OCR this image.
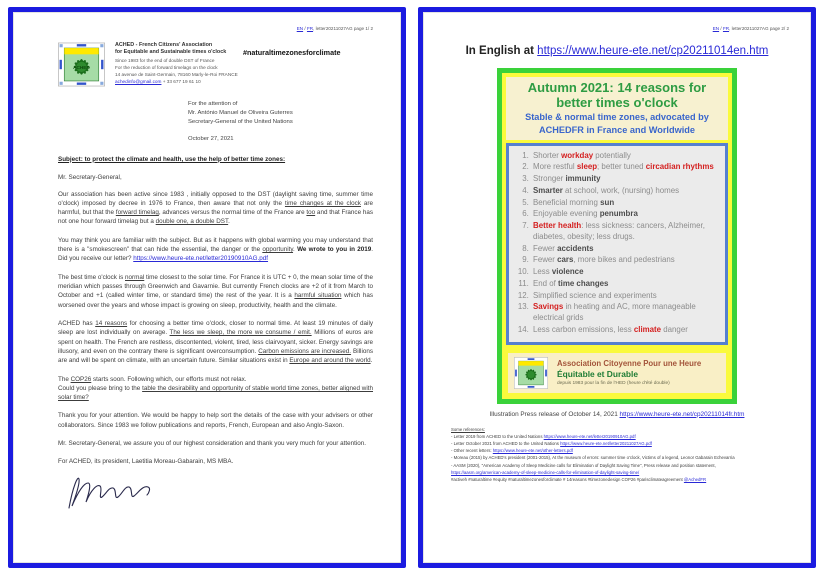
EN / FR, letter20211027AG page 1/ 2
ACHED
ACHED - French Citizens' Association
for Equitable and Sustainable times o'clock
Since 1983 for the end of double DST of France
For the reduction of forward timelags on the clock
14 avenue de Saint-Germain, 78160 Marly-le-Roi FRANCE
achedinfo@gmail.com + 33 677 19 61 10
#naturaltimezonesforclimate
For the attention of
Mr. António Manuel de Oliveira Guterres
Secretary-General of the United Nations
October 27, 2021
Subject: to protect the climate and health, use the help of better time zones:
Mr. Secretary-General,

Our association has been active since 1983 , initially opposed to the DST (daylight saving time, summer time o'clock) imposed by decree in 1976 to France, then aware that not only the time changes at the clock are harmful, but that the forward timelag, advances versus the normal time of the France are too and that France has not one hour forward timelag but a double one, a double DST.

You may think you are familiar with the subject. But as it happens with global warming you may understand that there is a "smokescreen" that can hide the essential, the danger or the opportunity. We wrote to you in 2019. Did you receive our letter? https://www.heure-ete.net/letter20190910AG.pdf

The best time o'clock is normal time closest to the solar time. For France it is UTC + 0, the mean solar time of the meridian which passes through Greenwich and Gavarnie. But currently French clocks are +2 of it from March to October and +1 (called winter time, or standard time) the rest of the year. It is a harmful situation which has worsened over the years and whose impact is growing on sleep, productivity, health and the climate.

ACHED has 14 reasons for choosing a better time o'clock, closer to normal time. At least 19 minutes of daily sleep are lost individually on average. The less we sleep, the more we consume / emit. Millions of euros are spent on health. The French are restless, discontented, violent, tired, less clairvoyant, sicker. Energy savings are illusory, and even on the contrary there is significant overconsumption. Carbon emissions are increased. Billions are and will be spent on climate, with an uncertain future. Similar situations exist in Europe and around the world.

The COP26 starts soon. Following which, our efforts must not relax.
Could you please bring to the table the desirability and opportunity of stable world time zones, better aligned with solar time?

Thank you for your attention. We would be happy to help sort the details of the case with your advisers or other collaborators. Since 1983 we follow publications and reports, French, European and also Anglo-Saxon.

Mr. Secretary-General, we assure you of our highest consideration and thank you very much for your attention.

For ACHED, its president, Laetitia Moreau-Gabarain, MS MBA.

EN / FR, letter20211027AG page 2/ 2
In English at https://www.heure-ete.net/cp20211014en.htm
Autumn 2021: 14 reasons for
better times o'clock
Stable & normal time zones, advocated by
ACHEDFR in France and Worldwide
1. Shorter workday potentially
2. More restful sleep; better tuned circadian rhythms
3. Stronger immunity
4. Smarter at school, work, (nursing) homes
5. Beneficial morning sun
6. Enjoyable evening penumbra
7. Better health: less sickness: cancers, Alzheimer, diabetes, obesity; less drugs.
8. Fewer accidents
9. Fewer cars, more bikes and pedestrians
10. Less violence
11. End of time changes
12. Simplified science and experiments
13. Savings in heating and AC, more manageable electrical grids
14. Less carbon emissions, less climate danger
Association Citoyenne Pour une Heure
Équitable et Durable
depuis 1983 pour la fin de l'HED (heure d'été double)
Illustration Press release of October 14, 2021 https://www.heure-ete.net/cp20211014fr.htm

Some references:

- Letter 2019 from ACHED to the United Nations https://www.heure-ete.net/letter20190910AG.pdf

- Letter October 2021 from ACHED to the United Nations https://www.heure-ete.net/letter20211027AG.pdf

- Other recent letters: https://www.heure-ete.net/other-letters.pdf

- Moreau (2015) by ACHED's president (2001-2015), At the museum of errors: summer time o'clock, Victims of a legend, Leonor Gabarain Echevarria

- AASM (2020), "American Academy of Sleep Medicine calls for Elimination of Daylight Saving Time", Press release and position statement,

https://aasm.org/american-academy-of-sleep-medicine-calls-for-elimination-of-daylight-saving-time/

#activeh #naturaltime #equity #naturaltimezonesforclimate # 14reasons #timezonedesign COP26 #parisclimateagreement @AchedFR
